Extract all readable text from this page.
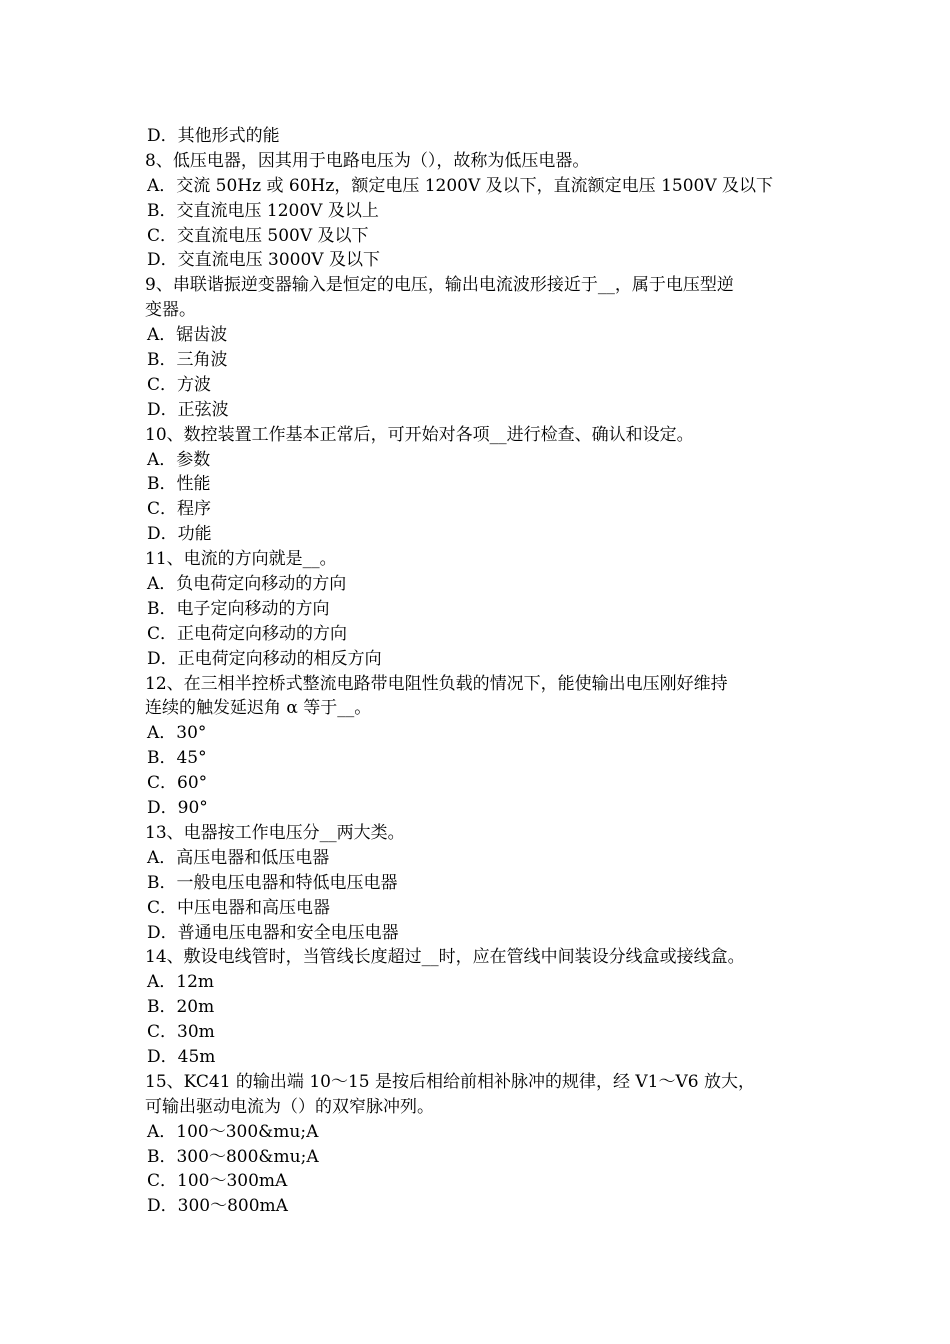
D．其他形式的能
8、低压电器，因其用于电路电压为（），故称为低压电器。
A．交流 50Hz 或 60Hz，额定电压 1200V 及以下，直流额定电压 1500V 及以下
B．交直流电压 1200V 及以上
C．交直流电压 500V 及以下
D．交直流电压 3000V 及以下
9、串联谐振逆变器输入是恒定的电压，输出电流波形接近于__，属于电压型逆
变器。
A．锯齿波
B．三角波
C．方波
D．正弦波
10、数控装置工作基本正常后，可开始对各项__进行检查、确认和设定。
A．参数
B．性能
C．程序
D．功能
11、电流的方向就是__。
A．负电荷定向移动的方向
B．电子定向移动的方向
C．正电荷定向移动的方向
D．正电荷定向移动的相反方向
12、在三相半控桥式整流电路带电阻性负载的情况下，能使输出电压刚好维持
连续的触发延迟角 α 等于__。
A．30°
B．45°
C．60°
D．90°
13、电器按工作电压分__两大类。
A．高压电器和低压电器
B．一般电压电器和特低电压电器
C．中压电器和高压电器
D．普通电压电器和安全电压电器
14、敷设电线管时，当管线长度超过__时，应在管线中间装设分线盒或接线盒。
A．12m
B．20m
C．30m
D．45m
15、KC41 的输出端 10～15 是按后相给前相补脉冲的规律，经 V1～V6 放大，
可输出驱动电流为（）的双窄脉冲列。
A．100～300&mu;A
B．300～800&mu;A
C．100～300mA
D．300～800mA
